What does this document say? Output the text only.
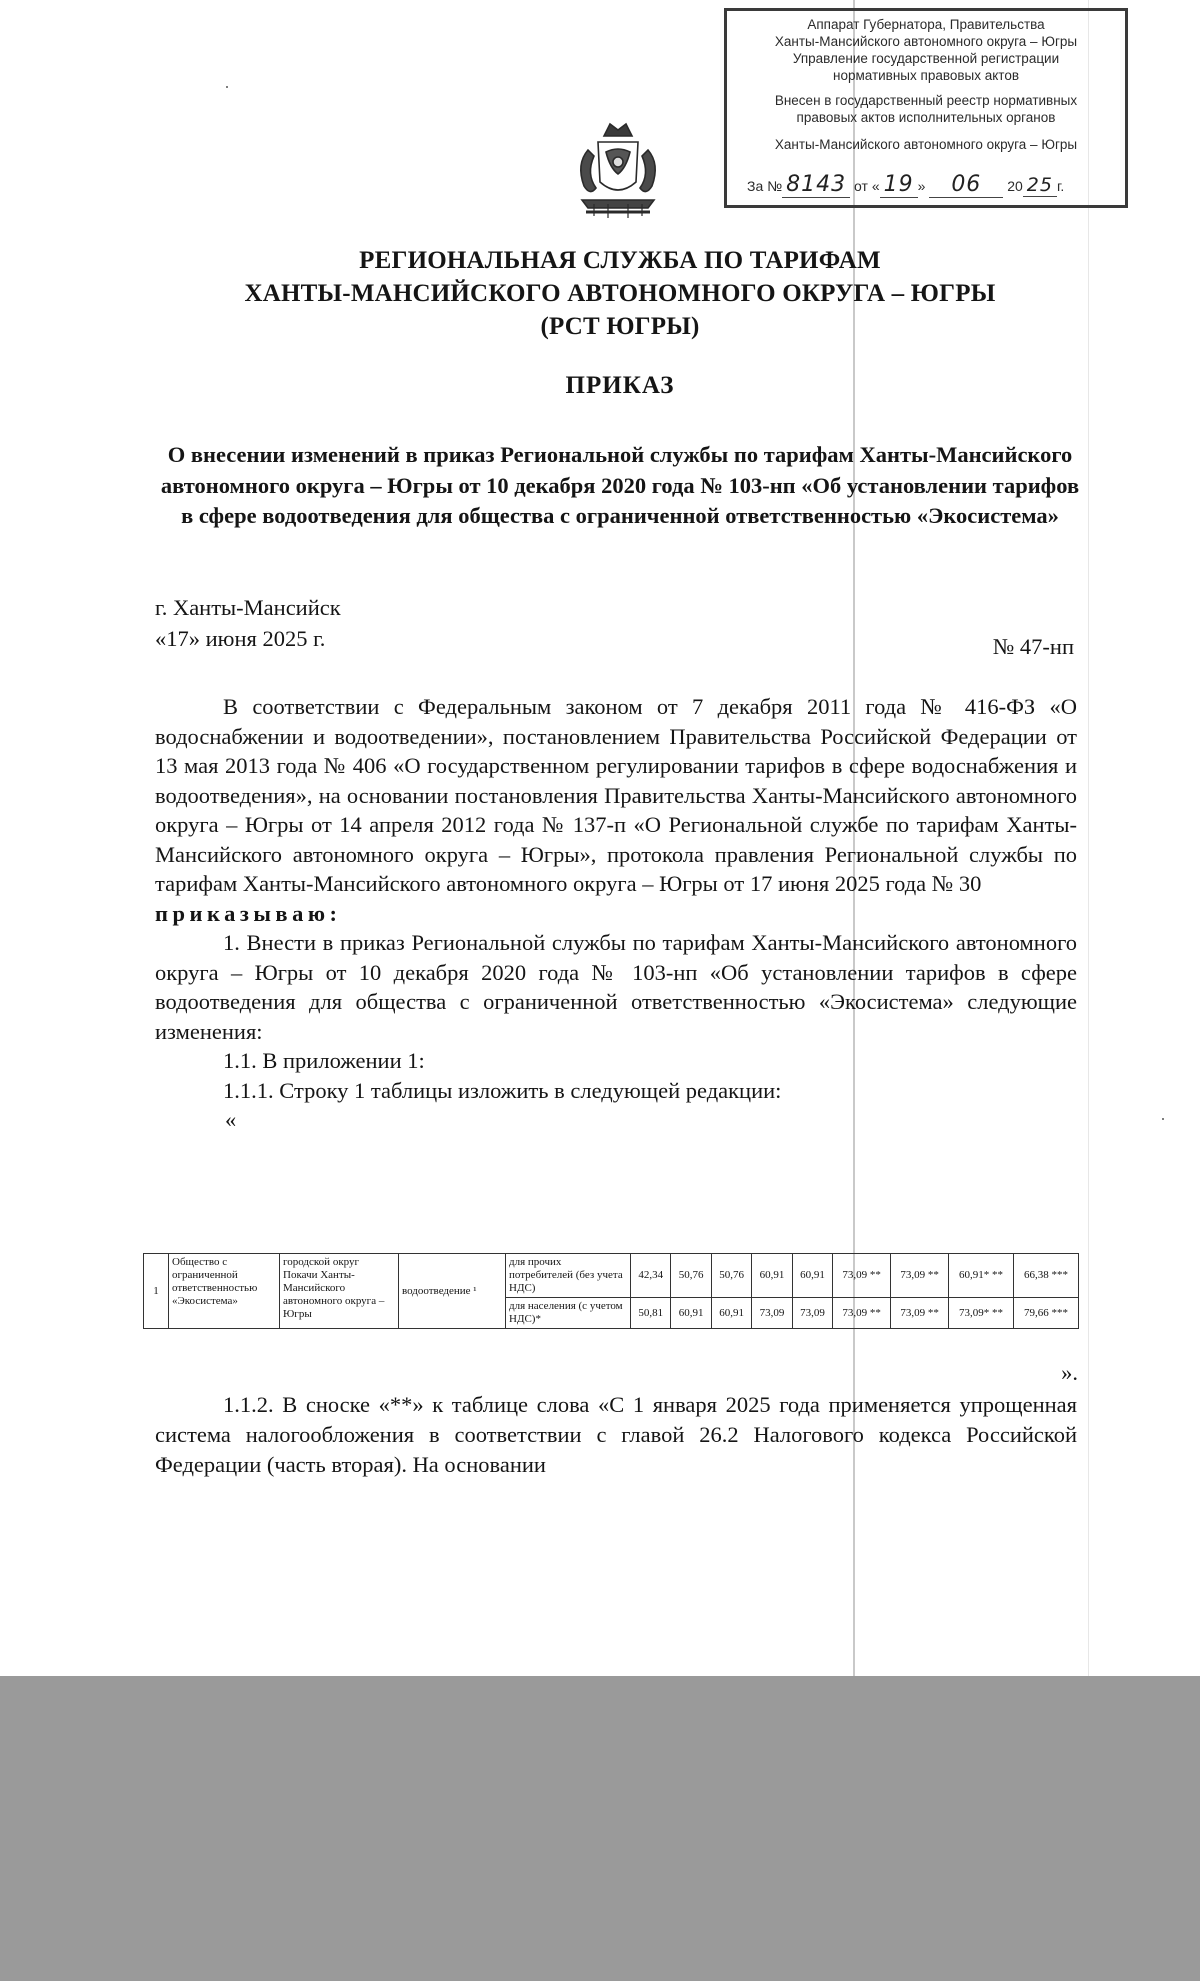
Аппарат Губернатора, Правительства
Ханты-Мансийского автономного округа – Югры
Управление государственной регистрации
нормативных правовых актов
Внесен в государственный реестр нормативных
правовых актов исполнительных органов
Ханты-Мансийского автономного округа – Югры
За № 8143 от « 19 » 06 20 25 г.
РЕГИОНАЛЬНАЯ СЛУЖБА ПО ТАРИФАМ
ХАНТЫ-МАНСИЙСКОГО АВТОНОМНОГО ОКРУГА – ЮГРЫ
(РСТ ЮГРЫ)
ПРИКАЗ
О внесении изменений в приказ Региональной службы по тарифам Ханты-Мансийского автономного округа – Югры от 10 декабря 2020 года № 103-нп «Об установлении тарифов в сфере водоотведения для общества с ограниченной ответственностью «Экосистема»
г. Ханты-Мансийск
«17» июня 2025 г.	№ 47-нп

В соответствии с Федеральным законом от 7 декабря 2011 года № 416-ФЗ «О водоснабжении и водоотведении», постановлением Правительства Российской Федерации от 13 мая 2013 года № 406 «О государственном регулировании тарифов в сфере водоснабжения и водоотведения», на основании постановления Правительства Ханты-Мансийского автономного округа – Югры от 14 апреля 2012 года № 137-п «О Региональной службе по тарифам Ханты-Мансийского автономного округа – Югры», протокола правления Региональной службы по тарифам Ханты-Мансийского автономного округа – Югры от 17 июня 2025 года № 30

приказываю:

1. Внести в приказ Региональной службы по тарифам Ханты-Мансийского автономного округа – Югры от 10 декабря 2020 года № 103-нп «Об установлении тарифов в сфере водоотведения для общества с ограниченной ответственностью «Экосистема» следующие изменения:

1.1. В приложении 1:

1.1.1. Строку 1 таблицы изложить в следующей редакции:

«

1	Общество с ограниченной ответственностью «Экосистема»	городской округ Покачи Ханты-Мансийского автономного округа – Югры	водоотведение ¹	для прочих потребителей (без учета НДС)	42,34	50,76	50,76	60,91	60,91	73,09 **	73,09 **	60,91* **	66,38 ***
				для населения (с учетом НДС)*	50,81	60,91	60,91	73,09	73,09	73,09 **	73,09 **	73,09* **	79,66 ***
».

1.1.2. В сноске «**» к таблице слова «С 1 января 2025 года применяется упрощенная система налогообложения в соответствии с главой 26.2 Налогового кодекса Российской Федерации (часть вторая). На основании
